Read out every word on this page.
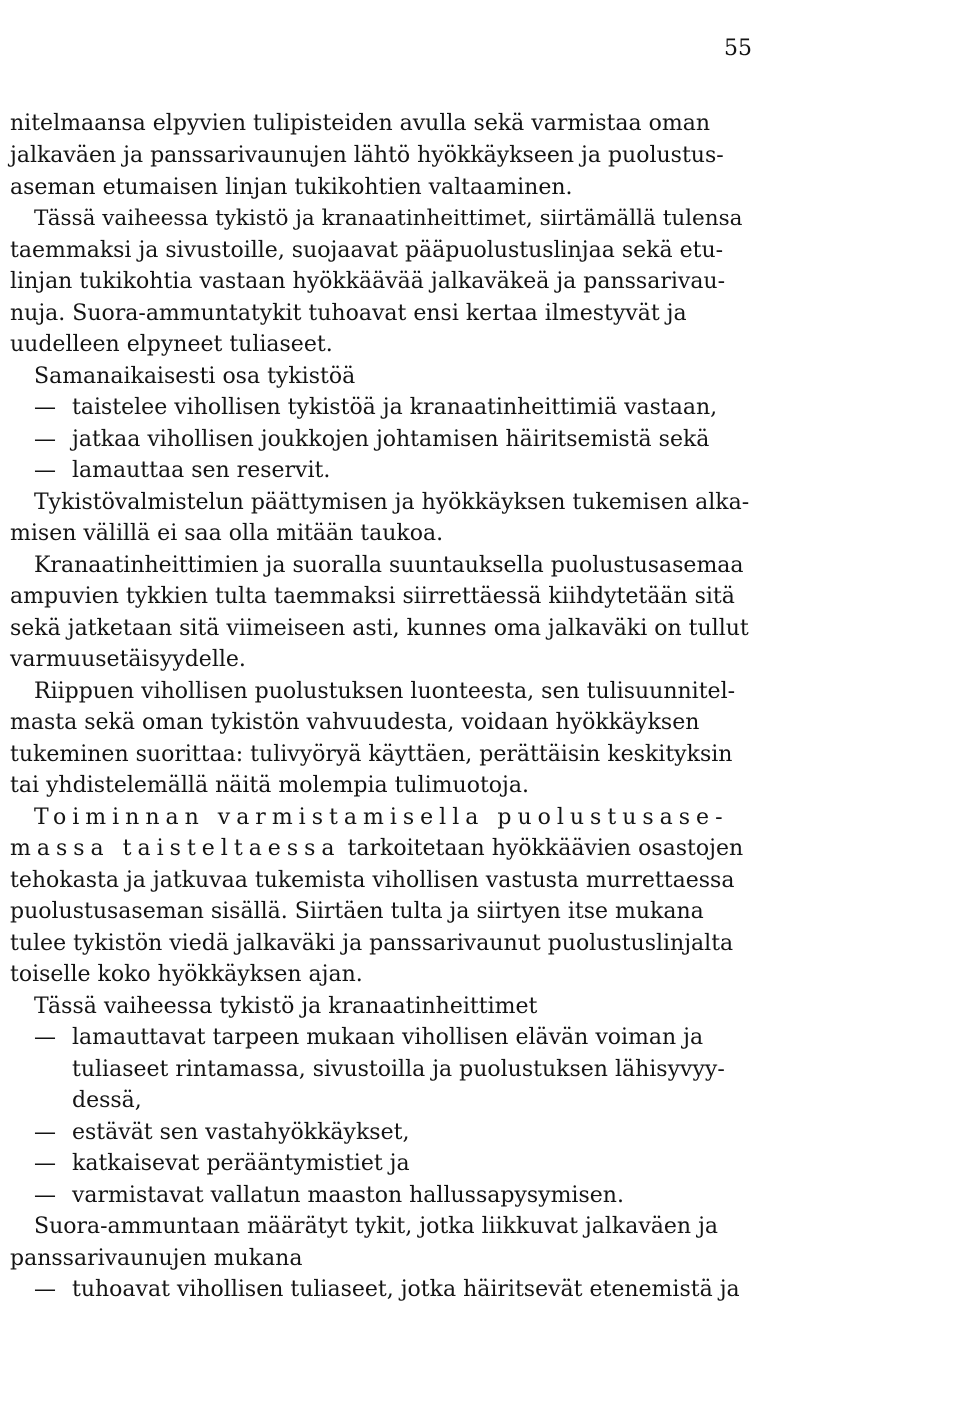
55
nitelmaansa elpyvien tulipisteiden avulla sekä varmistaa oman
jalkaväen ja panssarivaunujen lähtö hyökkäykseen ja puolustus-
aseman etumaisen linjan tukikohtien valtaaminen.
Tässä vaiheessa tykistö ja kranaatinheittimet, siirtämällä tulensa
taemmaksi ja sivustoille, suojaavat pääpuolustuslinjaa sekä etu-
linjan tukikohtia vastaan hyökkäävää jalkaväkeä ja panssarivau-
nuja. Suora-ammuntatykit tuhoavat ensi kertaa ilmestyvät ja
uudelleen elpyneet tuliaseet.
Samanaikaisesti osa tykistöä
— taistelee vihollisen tykistöä ja kranaatinheittimiä vastaan,
— jatkaa vihollisen joukkojen johtamisen häiritsemistä sekä
— lamauttaa sen reservit.
Tykistövalmistelun päättymisen ja hyökkäyksen tukemisen alka-
misen välillä ei saa olla mitään taukoa.
Kranaatinheittimien ja suoralla suuntauksella puolustusasemaa
ampuvien tykkien tulta taemmaksi siirrettäessä kiihdytetään sitä
sekä jatketaan sitä viimeiseen asti, kunnes oma jalkaväki on tullut
varmuusetäisyydelle.
Riippuen vihollisen puolustuksen luonteesta, sen tulisuunnitel-
masta sekä oman tykistön vahvuudesta, voidaan hyökkäyksen
tukeminen suorittaa: tulivyöryä käyttäen, perättäisin keskityksin
tai yhdistelemällä näitä molempia tulimuotoja.
Toiminnan varmistamisella puolustusase-
massa taisteltaessa tarkoitetaan hyökkäävien osastojen
tehokasta ja jatkuvaa tukemista vihollisen vastusta murrettaessa
puolustusaseman sisällä. Siirtäen tulta ja siirtyen itse mukana
tulee tykistön viedä jalkaväki ja panssarivaunut puolustuslinjalta
toiselle koko hyökkäyksen ajan.
Tässä vaiheessa tykistö ja kranaatinheittimet
— lamauttavat tarpeen mukaan vihollisen elävän voiman ja
tuliaseet rintamassa, sivustoilla ja puolustuksen lähisyvyy-
dessä,
— estävät sen vastahyökkäykset,
— katkaisevat perääntymistiet ja
— varmistavat vallatun maaston hallussapysymisen.
Suora-ammuntaan määrätyt tykit, jotka liikkuvat jalkaväen ja
panssarivaunujen mukana
— tuhoavat vihollisen tuliaseet, jotka häiritsevät etenemistä ja
